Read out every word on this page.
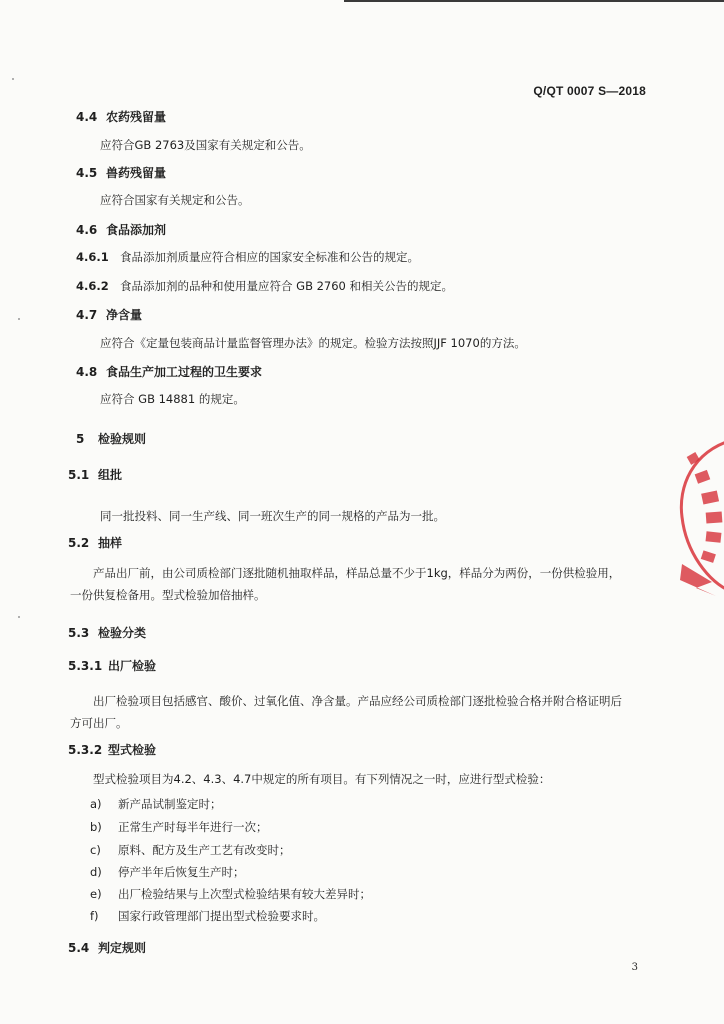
Q/QT 0007 S—2018
4.4 农药残留量
应符合GB 2763及国家有关规定和公告。
4.5 兽药残留量
应符合国家有关规定和公告。
4.6 食品添加剂
4.6.1 食品添加剂质量应符合相应的国家安全标准和公告的规定。
4.6.2 食品添加剂的品种和使用量应符合 GB 2760 和相关公告的规定。
4.7 净含量
应符合《定量包装商品计量监督管理办法》的规定。检验方法按照JJF 1070的方法。
4.8 食品生产加工过程的卫生要求
应符合 GB 14881 的规定。
5 检验规则
5.1 组批
同一批投料、同一生产线、同一班次生产的同一规格的产品为一批。
5.2 抽样
产品出厂前，由公司质检部门逐批随机抽取样品，样品总量不少于1kg，样品分为两份，一份供检验用，一份供复检备用。型式检验加倍抽样。
5.3 检验分类
5.3.1 出厂检验
出厂检验项目包括感官、酸价、过氧化值、净含量。产品应经公司质检部门逐批检验合格并附合格证明后方可出厂。
5.3.2 型式检验
型式检验项目为4.2、4.3、4.7中规定的所有项目。有下列情况之一时，应进行型式检验：
a) 新产品试制鉴定时；
b) 正常生产时每半年进行一次；
c) 原料、配方及生产工艺有改变时；
d) 停产半年后恢复生产时；
e) 出厂检验结果与上次型式检验结果有较大差异时；
f) 国家行政管理部门提出型式检验要求时。
5.4 判定规则
3
